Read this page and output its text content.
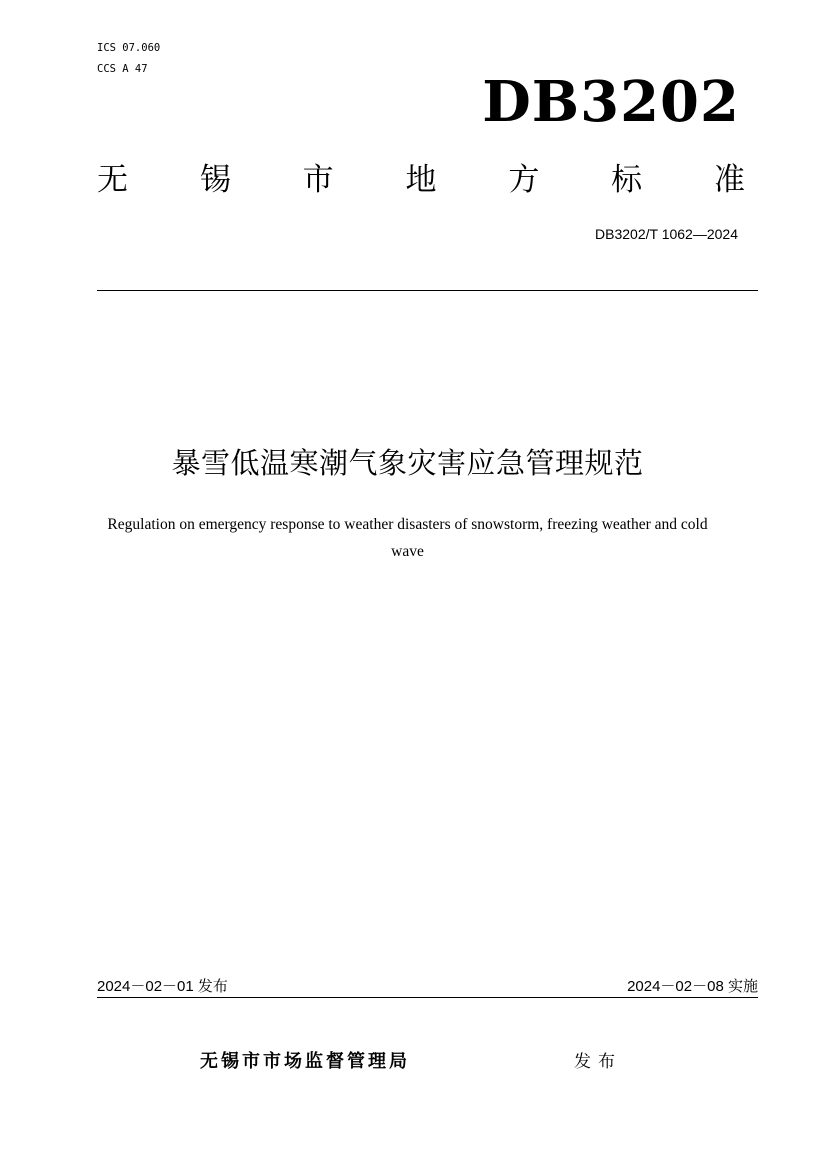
ICS 07.060
CCS A 47	DB3202
无 锡 市 地 方 标 准
DB3202/T 1062—2024
暴雪低温寒潮气象灾害应急管理规范
Regulation on emergency response to weather disasters of snowstorm, freezing weather and cold wave
2024－02－01 发布	2024－02－08 实施
无锡市市场监督管理局	发布
